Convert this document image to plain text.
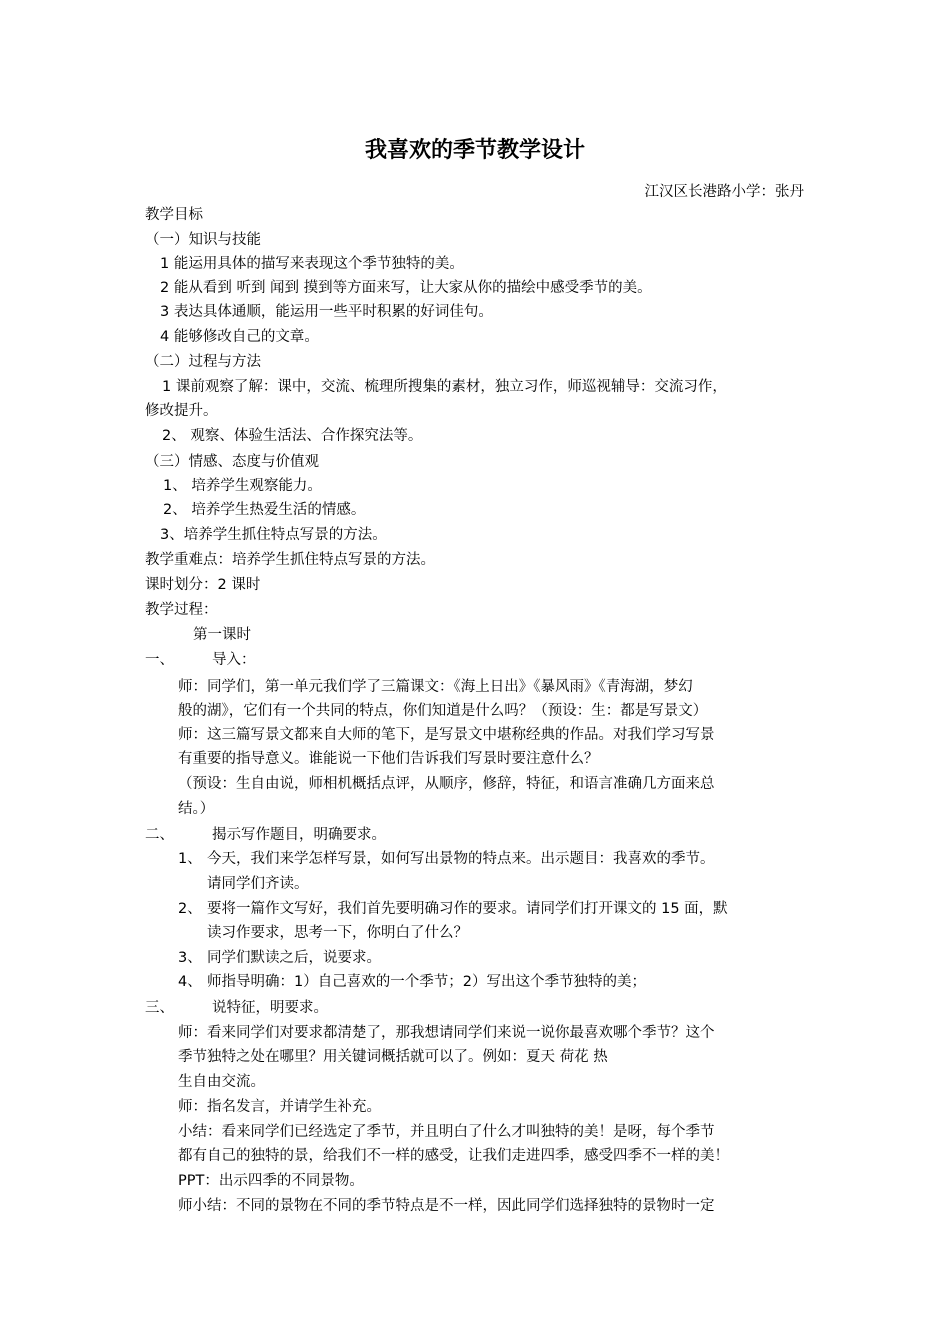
我喜欢的季节教学设计
江汉区长港路小学：张丹
教学目标
（一）知识与技能
1 能运用具体的描写来表现这个季节独特的美。
2 能从看到 听到 闻到 摸到等方面来写，让大家从你的描绘中感受季节的美。
3 表达具体通顺，能运用一些平时积累的好词佳句。
4 能够修改自己的文章。
（二）过程与方法
1 课前观察了解：课中，交流、梳理所搜集的素材，独立习作，师巡视辅导：交流习作，
修改提升。
2、 观察、体验生活法、合作探究法等。
（三）情感、态度与价值观
1、 培养学生观察能力。
2、 培养学生热爱生活的情感。
3、培养学生抓住特点写景的方法。
教学重难点：培养学生抓住特点写景的方法。
课时划分：2 课时
教学过程：
第一课时
一、	导入：
师：同学们，第一单元我们学了三篇课文：《海上日出》《暴风雨》《青海湖，梦幻
般的湖》，它们有一个共同的特点，你们知道是什么吗？（预设：生：都是写景文）
师：这三篇写景文都来自大师的笔下，是写景文中堪称经典的作品。对我们学习写景
有重要的指导意义。谁能说一下他们告诉我们写景时要注意什么？
（预设：生自由说，师相机概括点评，从顺序，修辞，特征，和语言准确几方面来总
结。）
二、	揭示写作题目，明确要求。
1、 今天，我们来学怎样写景，如何写出景物的特点来。出示题目：我喜欢的季节。
请同学们齐读。
2、 要将一篇作文写好，我们首先要明确习作的要求。请同学们打开课文的 15 面，默
读习作要求，思考一下，你明白了什么？
3、 同学们默读之后，说要求。
4、 师指导明确：1）自己喜欢的一个季节；2）写出这个季节独特的美；
三、	说特征，明要求。
师：看来同学们对要求都清楚了，那我想请同学们来说一说你最喜欢哪个季节？这个
季节独特之处在哪里？用关键词概括就可以了。例如：夏天 荷花 热
生自由交流。
师：指名发言，并请学生补充。
小结：看来同学们已经选定了季节，并且明白了什么才叫独特的美！是呀，每个季节
都有自己的独特的景，给我们不一样的感受，让我们走进四季，感受四季不一样的美！
PPT：出示四季的不同景物。
师小结：不同的景物在不同的季节特点是不一样，因此同学们选择独特的景物时一定
